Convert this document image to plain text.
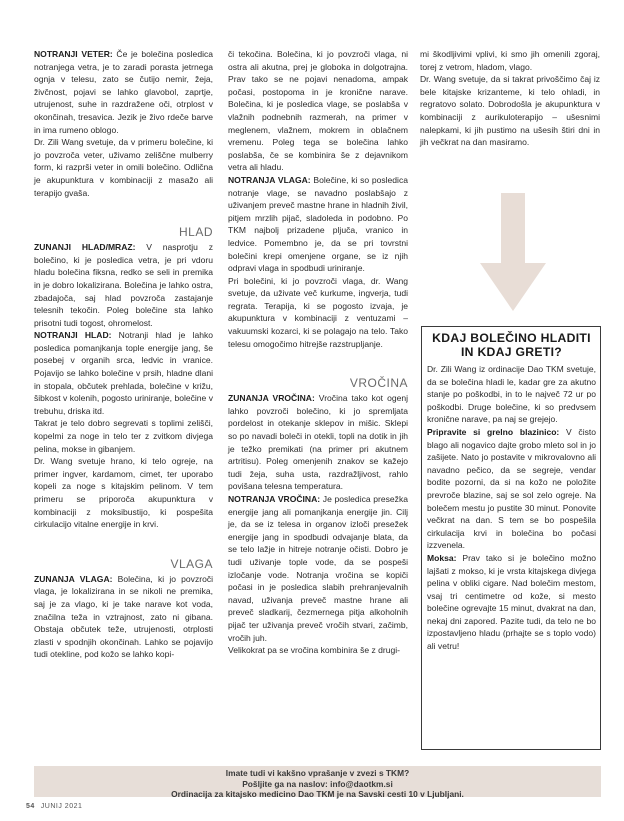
NOTRANJI VETER: Če je bolečina posledica notranjega vetra, je to zaradi porasta jetrnega ognja v telesu, zato se čutijo nemir, žeja, živčnost, pojavi se lahko glavobol, zaprtje, utrujenost, suhe in razdražene oči, otrplost v okončinah, tresavica. Jezik je živo rdeče barve in ima rumeno oblogo.

Dr. Zili Wang svetuje, da v primeru bolečine, ki jo povzroča veter, uživamo zeliščne mulberry form, ki razprši veter in omili bolečino. Odlična je akupunktura v kombinaciji z masažo ali terapijo gvaša.

HLAD

ZUNANJI HLAD/MRAZ: V nasprotju z bolečino, ki je posledica vetra, je pri vdoru hladu bolečina fiksna, redko se seli in premika in je dobro lokalizirana. Bolečina je lahko ostra, zbadajoča, saj hlad povzroča zastajanje telesnih tekočin. Poleg bolečine sta lahko prisotni tudi togost, ohromelost.

NOTRANJI HLAD: Notranji hlad je lahko posledica pomanjkanja tople energije jang, še posebej v organih srca, ledvic in vranice. Pojavijo se lahko bolečine v prsih, hladne dlani in stopala, občutek prehlada, bolečine v križu, šibkost v kolenih, pogosto uriniranje, bolečine v trebuhu, driska itd.

Takrat je telo dobro segrevati s toplimi zelišči, kopelmi za noge in telo ter z zvitkom divjega pelina, mokse in gibanjem.

Dr. Wang svetuje hrano, ki telo ogreje, na primer ingver, kardamom, cimet, ter uporabo kopeli za noge s kitajskim pelinom. V tem primeru se priporoča akupunktura v kombinaciji z moksibustijo, ki pospešita cirkulacijo vitalne energije in krvi.

VLAGA

ZUNANJA VLAGA: Bolečina, ki jo povzroči vlaga, je lokalizirana in se nikoli ne premika, saj je za vlago, ki je take narave kot voda, značilna teža in vztrajnost, zato ni gibana. Obstaja občutek teže, utrujenosti, otrplosti zlasti v spodnjih okončinah. Lahko se pojavijo tudi otekline, pod kožo se lahko kopi-

či tekočina. Bolečina, ki jo povzroči vlaga, ni ostra ali akutna, prej je globoka in dolgotrajna. Prav tako se ne pojavi nenadoma, ampak počasi, postopoma in je kronične narave. Bolečina, ki je posledica vlage, se poslabša v vlažnih podnebnih razmerah, na primer v meglenem, vlažnem, mokrem in oblačnem vremenu. Poleg tega se bolečina lahko poslabša, če se kombinira še z dejavnikom vetra ali hladu.

NOTRANJA VLAGA: Bolečine, ki so posledica notranje vlage, se navadno poslabšajo z uživanjem preveč mastne hrane in hladnih živil, pitjem mrzlih pijač, sladoleda in podobno. Po TKM najbolj prizadene pljuča, vranico in ledvice. Pomembno je, da se pri tovrstni bolečini krepi omenjene organe, se iz njih odpravi vlaga in spodbudi uriniranje.

Pri bolečini, ki jo povzroči vlaga, dr. Wang svetuje, da uživate več kurkume, ingverja, tudi regrata. Terapija, ki se pogosto izvaja, je akupunktura v kombinaciji z ventuzami – vakuumski kozarci, ki se polagajo na telo. Tako telesu omogočimo hitrejše razstrupljanje.

VROČINA

ZUNANJA VROČINA: Vročina tako kot ogenj lahko povzroči bolečino, ki jo spremljata pordelost in otekanje sklepov in mišic. Sklepi so po navadi boleči in otekli, topli na dotik in jih je težko premikati (na primer pri akutnem artritisu). Poleg omenjenih znakov se kažejo tudi žeja, suha usta, razdražljivost, rahlo povišana telesna temperatura.

NOTRANJA VROČINA: Je posledica presežka energije jang ali pomanjkanja energije jin. Cilj je, da se iz telesa in organov izloči presežek energije jang in spodbudi odvajanje blata, da se telo lažje in hitreje notranje očisti. Dobro je tudi uživanje tople vode, da se pospeši izločanje vode. Notranja vročina se kopiči počasi in je posledica slabih prehranjevalnih navad, uživanja preveč mastne hrane ali preveč sladkarij, čezmernega pitja alkoholnih pijač ter uživanja preveč vročih stvari, začimb, vročih juh.

Velikokrat pa se vročina kombinira še z drugi-

mi škodljivimi vplivi, ki smo jih omenili zgoraj, torej z vetrom, hladom, vlago.

Dr. Wang svetuje, da si takrat privoščimo čaj iz bele kitajske krizanteme, ki telo ohladi, in regratovo solato. Dobrodošla je akupunktura v kombinaciji z aurikuloterapijo – ušesnimi nalepkami, ki jih pustimo na ušesih štiri dni in jih večkrat na dan masiramo.

KDAJ BOLEČINO HLADITI IN KDAJ GRETI?

Dr. Zili Wang iz ordinacije Dao TKM svetuje, da se bolečina hladi le, kadar gre za akutno stanje po poškodbi, in to le največ 72 ur po poškodbi. Druge bolečine, ki so predvsem kronične narave, pa naj se grejejo.

Pripravite si grelno blazinico: V čisto blago ali nogavico dajte grobo mleto sol in jo zašijete. Nato jo postavite v mikrovalovno ali navadno pečico, da se segreje, vendar bodite pozorni, da si na kožo ne položite prevroče blazine, saj se sol zelo ogreje. Na bolečem mestu jo pustite 30 minut. Ponovite večkrat na dan. S tem se bo pospešila cirkulacija krvi in bolečina bo počasi izzvenela.

Moksa: Prav tako si je bolečino možno lajšati z mokso, ki je vrsta kitajskega divjega pelina v obliki cigare. Nad bolečim mestom, vsaj tri centimetre od kože, si mesto bolečine ogrevajte 15 minut, dvakrat na dan, nekaj dni zapored. Pazite tudi, da telo ne bo izpostavljeno hladu (prhajte se s toplo vodo) ali vetru!

Imate tudi vi kakšno vprašanje v zvezi s TKM?
Pošljite ga na naslov: info@daotkm.si
Ordinacija za kitajsko medicino Dao TKM je na Savski cesti 10 v Ljubljani.
54 JUNIJ 2021
